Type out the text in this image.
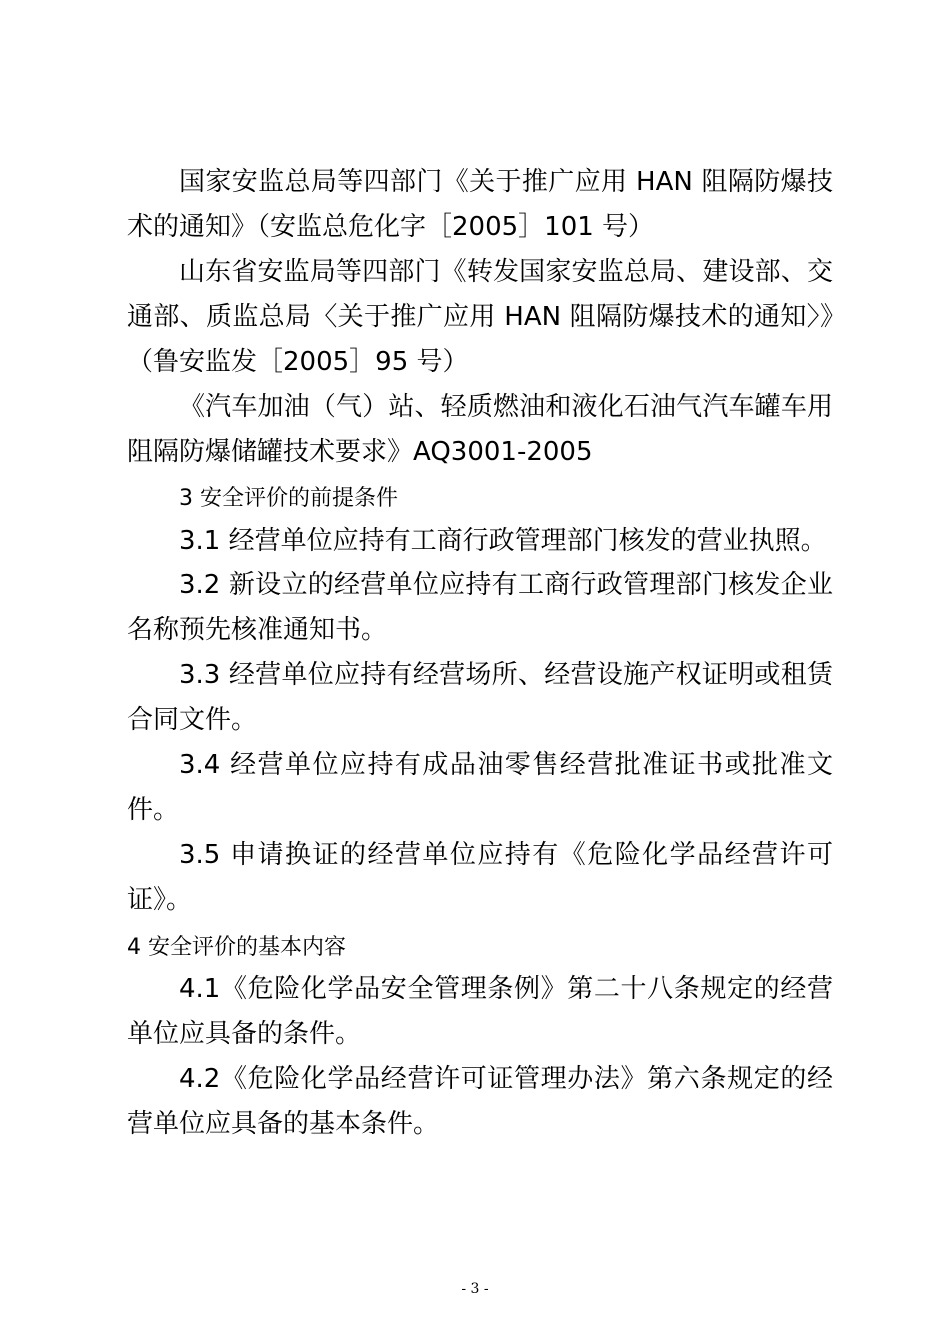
国家安监总局等四部门《关于推广应用 HAN 阻隔防爆技术的通知》（安监总危化字［2005］101 号）

山东省安监局等四部门《转发国家安监总局、建设部、交通部、质监总局〈关于推广应用 HAN 阻隔防爆技术的通知〉》（鲁安监发［2005］95 号）

《汽车加油（气）站、轻质燃油和液化石油气汽车罐车用阻隔防爆储罐技术要求》AQ3001-2005

3 安全评价的前提条件

3.1 经营单位应持有工商行政管理部门核发的营业执照。

3.2 新设立的经营单位应持有工商行政管理部门核发企业名称预先核准通知书。

3.3 经营单位应持有经营场所、经营设施产权证明或租赁合同文件。

3.4 经营单位应持有成品油零售经营批准证书或批准文件。

3.5 申请换证的经营单位应持有《危险化学品经营许可证》。

4 安全评价的基本内容

4.1《危险化学品安全管理条例》第二十八条规定的经营单位应具备的条件。

4.2《危险化学品经营许可证管理办法》第六条规定的经营单位应具备的基本条件。

- 3 -
